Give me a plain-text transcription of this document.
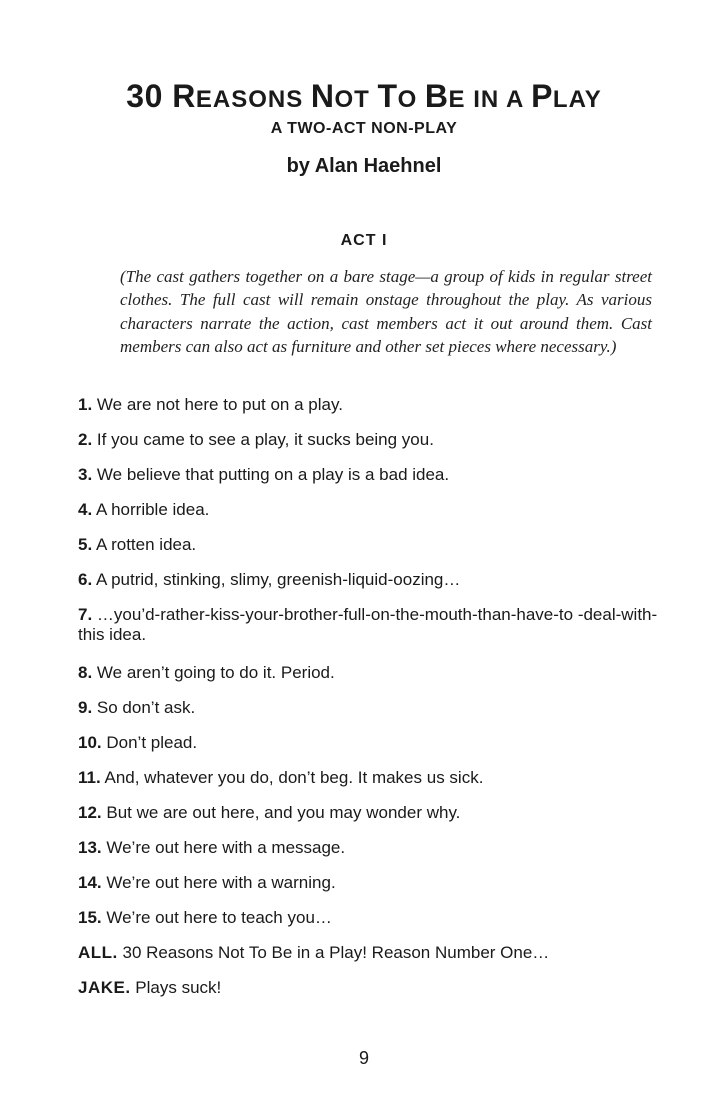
30 REASONS NOT TO BE IN A PLAY
A TWO-ACT NON-PLAY
by Alan Haehnel
ACT I
(The cast gathers together on a bare stage—a group of kids in regular street clothes. The full cast will remain onstage throughout the play. As various characters narrate the action, cast members act it out around them. Cast members can also act as furniture and other set pieces where necessary.)
1. We are not here to put on a play.
2. If you came to see a play, it sucks being you.
3. We believe that putting on a play is a bad idea.
4. A horrible idea.
5. A rotten idea.
6. A putrid, stinking, slimy, greenish-liquid-oozing…
7. …you’d-rather-kiss-your-brother-full-on-the-mouth-than-have-to -deal-with-this idea.
8. We aren’t going to do it. Period.
9. So don’t ask.
10. Don’t plead.
11. And, whatever you do, don’t beg. It makes us sick.
12. But we are out here, and you may wonder why.
13. We’re out here with a message.
14. We’re out here with a warning.
15. We’re out here to teach you…
ALL. 30 Reasons Not To Be in a Play! Reason Number One…
JAKE. Plays suck!
9
